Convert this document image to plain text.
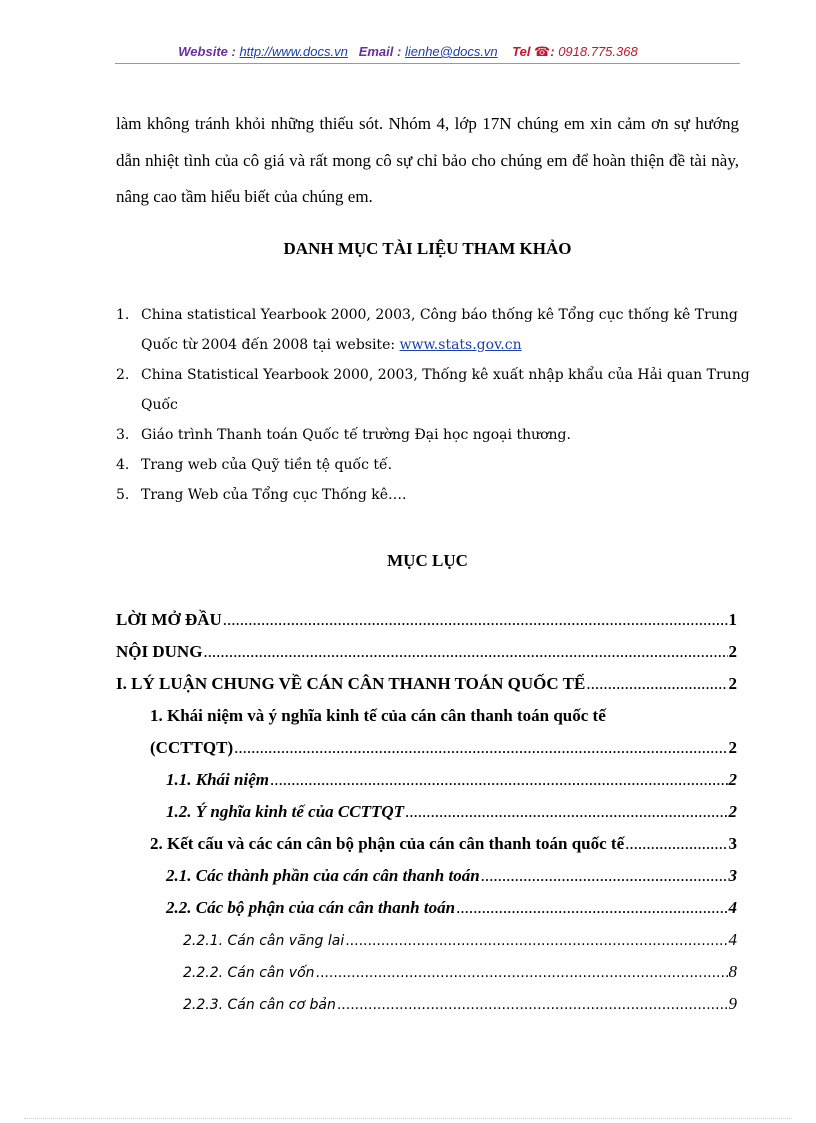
Website : http://www.docs.vn Email : lienhe@docs.vn Tel ☎: 0918.775.368
làm không tránh khỏi những thiếu sót. Nhóm 4, lớp 17N chúng em xin cảm ơn sự hướng dẫn nhiệt tình của cô giá và rất mong cô sự chỉ bảo cho chúng em để hoàn thiện đề tài này, nâng cao tầm hiểu biết của chúng em.
DANH MỤC TÀI LIỆU THAM KHẢO
1. China statistical Yearbook 2000, 2003, Công báo thống kê Tổng cục thống kê Trung Quốc từ 2004 đến 2008 tại website: www.stats.gov.cn
2. China Statistical Yearbook 2000, 2003, Thống kê xuất nhập khẩu của Hải quan Trung Quốc
3. Giáo trình Thanh toán Quốc tế trường Đại học ngoại thương.
4. Trang web của Quỹ tiền tệ quốc tế.
5. Trang Web của Tổng cục Thống kê….
MỤC LỤC
LỜI MỞ ĐẦU .....	1
NỘI DUNG .....	2
I. LÝ LUẬN CHUNG VỀ CÁN CÂN THANH TOÁN QUỐC TẾ .....	2
1. Khái niệm và ý nghĩa kinh tế của cán cân thanh toán quốc tế
(CCTTQT) .....	2
1.1. Khái niệm .....	2
1.2. Ý nghĩa kinh tế của CCTTQT .....	2
2. Kết cấu và các cán cân bộ phận của cán cân thanh toán quốc tế .....	3
2.1. Các thành phần của cán cân thanh toán .....	3
2.2. Các bộ phận của cán cân thanh toán .....	4
2.2.1. Cán cân vãng lai .....	4
2.2.2. Cán cân vốn .....	8
2.2.3. Cán cân cơ bản .....	9
